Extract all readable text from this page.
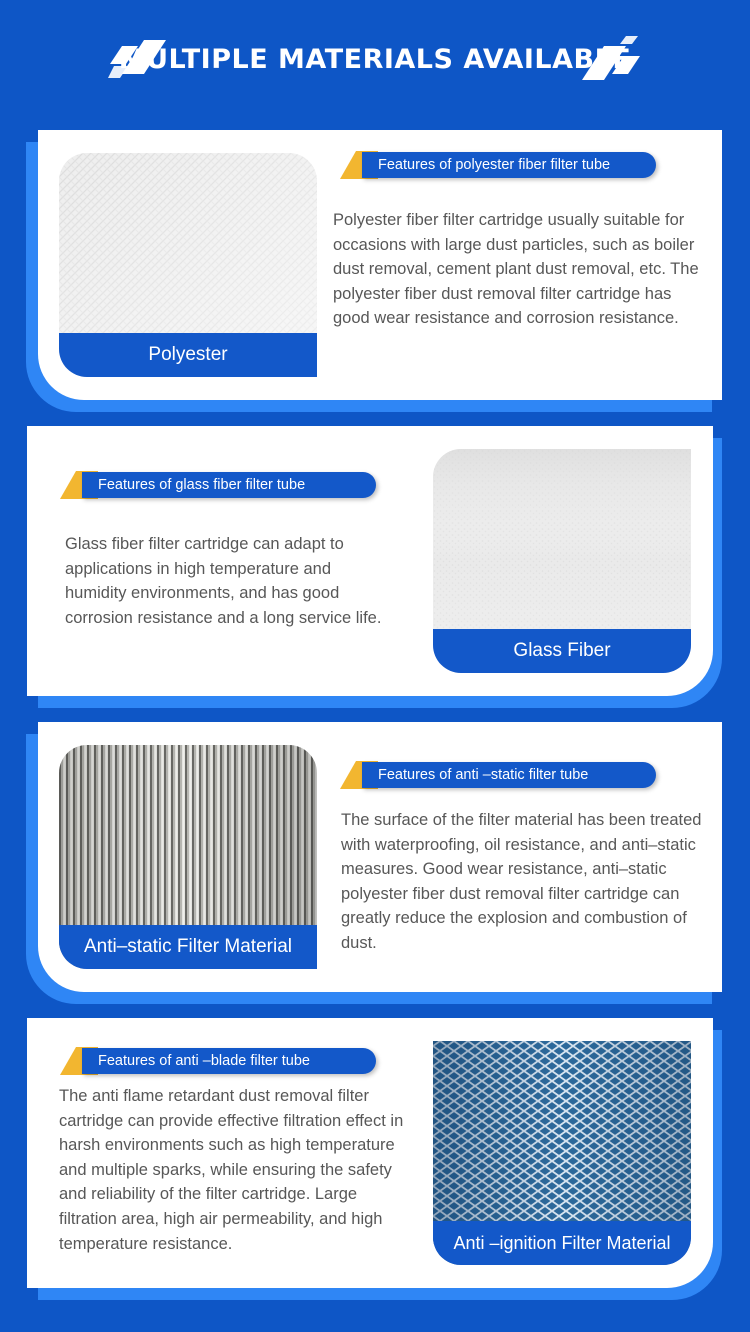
MULTIPLE MATERIALS AVAILABLE
Polyester
Features of polyester fiber filter tube
Polyester fiber filter cartridge usually suitable for occasions with large dust particles, such as boiler dust removal, cement plant dust removal, etc. The polyester fiber dust removal filter cartridge has good wear resistance and corrosion resistance.
Features of glass fiber filter tube
Glass fiber filter cartridge can adapt to applications in high temperature and humidity environments, and has good corrosion resistance and a long service life.
Glass Fiber
Anti–static Filter Material
Features of anti –static filter tube
The surface of the filter material has been treated with waterproofing, oil resistance, and anti–static measures. Good wear resistance, anti–static polyester fiber dust removal filter cartridge can greatly reduce the explosion and combustion of dust.
Features of anti –blade filter tube
The anti flame retardant dust removal filter cartridge can provide effective filtration effect in harsh environments such as high temperature and multiple sparks, while ensuring the safety and reliability of the filter cartridge. Large filtration area, high air permeability, and high temperature resistance.	Anti –ignition Filter Material
